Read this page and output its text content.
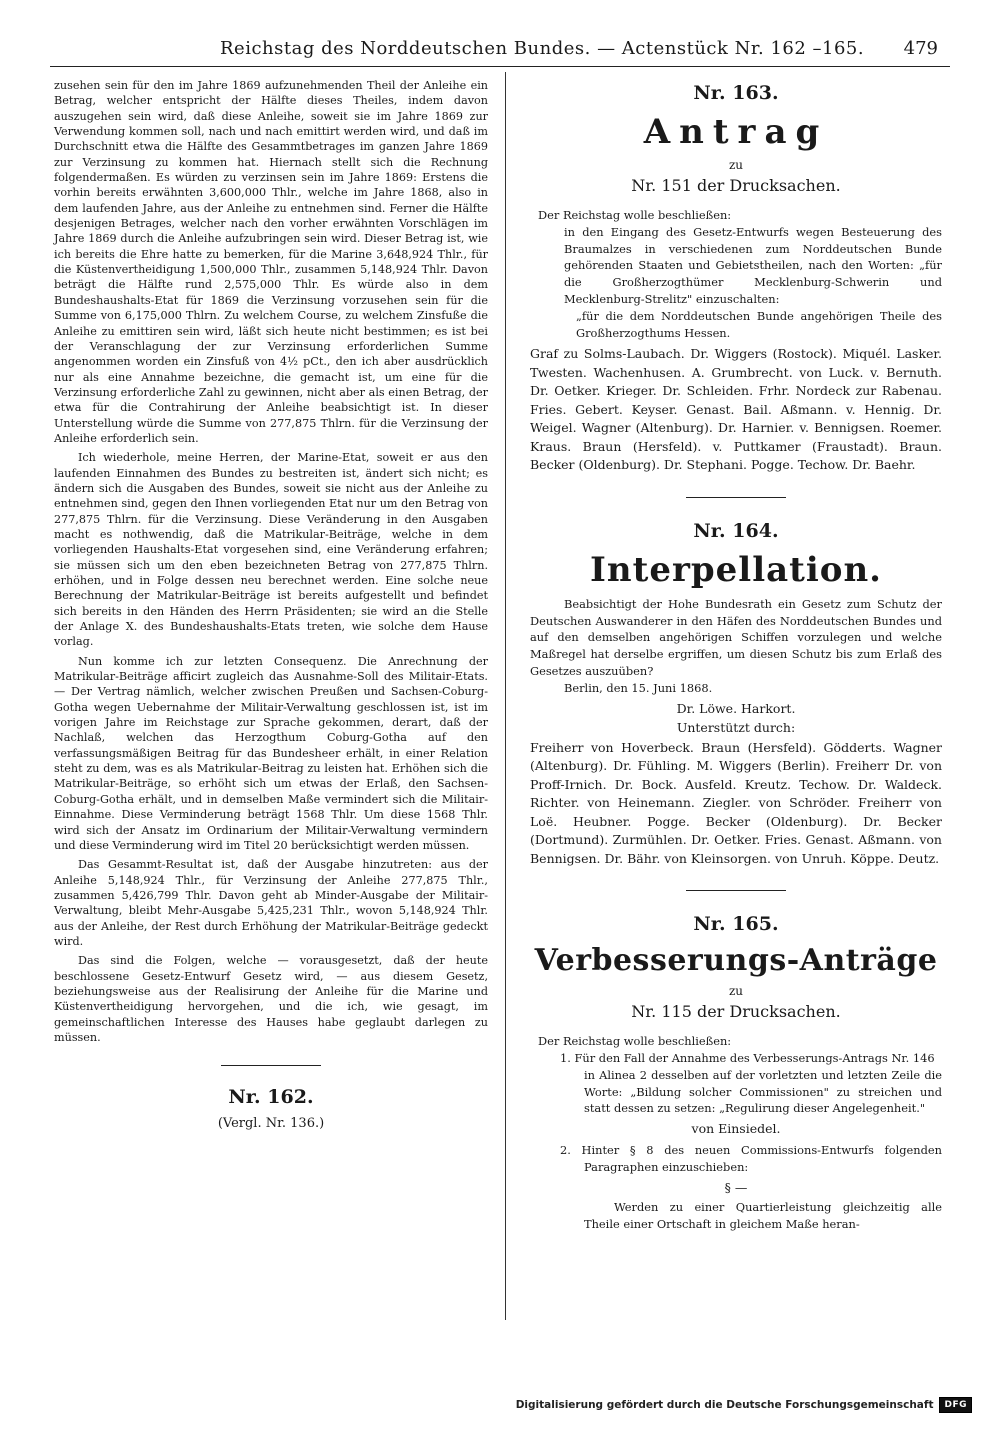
Reichstag des Norddeutschen Bundes. — Actenstück Nr. 162 –165. 479

zusehen sein für den im Jahre 1869 aufzunehmenden Theil der Anleihe ein Betrag, welcher entspricht der Hälfte dieses Theiles, indem davon auszugehen sein wird, daß diese Anleihe, soweit sie im Jahre 1869 zur Verwendung kommen soll, nach und nach emittirt werden wird, und daß im Durchschnitt etwa die Hälfte des Gesammtbetrages im ganzen Jahre 1869 zur Verzinsung zu kommen hat. Hiernach stellt sich die Rechnung folgendermaßen. Es würden zu verzinsen sein im Jahre 1869: Erstens die vorhin bereits erwähnten 3,600,000 Thlr., welche im Jahre 1868, also in dem laufenden Jahre, aus der Anleihe zu entnehmen sind. Ferner die Hälfte desjenigen Betrages, welcher nach den vorher erwähnten Vorschlägen im Jahre 1869 durch die Anleihe aufzubringen sein wird. Dieser Betrag ist, wie ich bereits die Ehre hatte zu bemerken, für die Marine 3,648,924 Thlr., für die Küstenvertheidigung 1,500,000 Thlr., zusammen 5,148,924 Thlr. Davon beträgt die Hälfte rund 2,575,000 Thlr. Es würde also in dem Bundeshaushalts-Etat für 1869 die Verzinsung vorzusehen sein für die Summe von 6,175,000 Thlrn. Zu welchem Course, zu welchem Zinsfuße die Anleihe zu emittiren sein wird, läßt sich heute nicht bestimmen; es ist bei der Veranschlagung der zur Verzinsung erforderlichen Summe angenommen worden ein Zinsfuß von 4½ pCt., den ich aber ausdrücklich nur als eine Annahme bezeichne, die gemacht ist, um eine für die Verzinsung erforderliche Zahl zu gewinnen, nicht aber als einen Betrag, der etwa für die Contrahirung der Anleihe beabsichtigt ist. In dieser Unterstellung würde die Summe von 277,875 Thlrn. für die Verzinsung der Anleihe erforderlich sein.

Ich wiederhole, meine Herren, der Marine-Etat, soweit er aus den laufenden Einnahmen des Bundes zu bestreiten ist, ändert sich nicht; es ändern sich die Ausgaben des Bundes, soweit sie nicht aus der Anleihe zu entnehmen sind, gegen den Ihnen vorliegenden Etat nur um den Betrag von 277,875 Thlrn. für die Verzinsung. Diese Veränderung in den Ausgaben macht es nothwendig, daß die Matrikular-Beiträge, welche in dem vorliegenden Haushalts-Etat vorgesehen sind, eine Veränderung erfahren; sie müssen sich um den eben bezeichneten Betrag von 277,875 Thlrn. erhöhen, und in Folge dessen neu berechnet werden. Eine solche neue Berechnung der Matrikular-Beiträge ist bereits aufgestellt und befindet sich bereits in den Händen des Herrn Präsidenten; sie wird an die Stelle der Anlage X. des Bundeshaushalts-Etats treten, wie solche dem Hause vorlag.

Nun komme ich zur letzten Consequenz. Die Anrechnung der Matrikular-Beiträge afficirt zugleich das Ausnahme-Soll des Militair-Etats. — Der Vertrag nämlich, welcher zwischen Preußen und Sachsen-Coburg-Gotha wegen Uebernahme der Militair-Verwaltung geschlossen ist, ist im vorigen Jahre im Reichstage zur Sprache gekommen, derart, daß der Nachlaß, welchen das Herzogthum Coburg-Gotha auf den verfassungsmäßigen Beitrag für das Bundesheer erhält, in einer Relation steht zu dem, was es als Matrikular-Beitrag zu leisten hat. Erhöhen sich die Matrikular-Beiträge, so erhöht sich um etwas der Erlaß, den Sachsen-Coburg-Gotha erhält, und in demselben Maße vermindert sich die Militair-Einnahme. Diese Verminderung beträgt 1568 Thlr. Um diese 1568 Thlr. wird sich der Ansatz im Ordinarium der Militair-Verwaltung vermindern und diese Verminderung wird im Titel 20 berücksichtigt werden müssen.

Das Gesammt-Resultat ist, daß der Ausgabe hinzutreten: aus der Anleihe 5,148,924 Thlr., für Verzinsung der Anleihe 277,875 Thlr., zusammen 5,426,799 Thlr. Davon geht ab Minder-Ausgabe der Militair-Verwaltung, bleibt Mehr-Ausgabe 5,425,231 Thlr., wovon 5,148,924 Thlr. aus der Anleihe, der Rest durch Erhöhung der Matrikular-Beiträge gedeckt wird.

Das sind die Folgen, welche — vorausgesetzt, daß der heute beschlossene Gesetz-Entwurf Gesetz wird, — aus diesem Gesetz, beziehungsweise aus der Realisirung der Anleihe für die Marine und Küstenvertheidigung hervorgehen, und die ich, wie gesagt, im gemeinschaftlichen Interesse des Hauses habe geglaubt darlegen zu müssen.

Nr. 162.
(Vergl. Nr. 136.)
Nr. 163.
Antrag
zu
Nr. 151 der Drucksachen.

Der Reichstag wolle beschließen:

in den Eingang des Gesetz-Entwurfs wegen Besteuerung des Braumalzes in verschiedenen zum Norddeutschen Bunde gehörenden Staaten und Gebietstheilen, nach den Worten: „für die Großherzogthümer Mecklenburg-Schwerin und Mecklenburg-Strelitz" einzuschalten:

„für die dem Norddeutschen Bunde angehörigen Theile des Großherzogthums Hessen.

Graf zu Solms-Laubach. Dr. Wiggers (Rostock). Miquél. Lasker. Twesten. Wachenhusen. A. Grumbrecht. von Luck. v. Bernuth. Dr. Oetker. Krieger. Dr. Schleiden. Frhr. Nordeck zur Rabenau. Fries. Gebert. Keyser. Genast. Bail. Aßmann. v. Hennig. Dr. Weigel. Wagner (Altenburg). Dr. Harnier. v. Bennigsen. Roemer. Kraus. Braun (Hersfeld). v. Puttkamer (Fraustadt). Braun. Becker (Oldenburg). Dr. Stephani. Pogge. Techow. Dr. Baehr.

Nr. 164.
Interpellation.

Beabsichtigt der Hohe Bundesrath ein Gesetz zum Schutz der Deutschen Auswanderer in den Häfen des Norddeutschen Bundes und auf den demselben angehörigen Schiffen vorzulegen und welche Maßregel hat derselbe ergriffen, um diesen Schutz bis zum Erlaß des Gesetzes auszuüben?

Berlin, den 15. Juni 1868.

Dr. Löwe. Harkort.

Unterstützt durch:

Freiherr von Hoverbeck. Braun (Hersfeld). Gödderts. Wagner (Altenburg). Dr. Fühling. M. Wiggers (Berlin). Freiherr Dr. von Proff-Irnich. Dr. Bock. Ausfeld. Kreutz. Techow. Dr. Waldeck. Richter. von Heinemann. Ziegler. von Schröder. Freiherr von Loë. Heubner. Pogge. Becker (Oldenburg). Dr. Becker (Dortmund). Zurmühlen. Dr. Oetker. Fries. Genast. Aßmann. von Bennigsen. Dr. Bähr. von Kleinsorgen. von Unruh. Köppe. Deutz.

Nr. 165.
Verbesserungs-Anträge
zu
Nr. 115 der Drucksachen.

Der Reichstag wolle beschließen:

1. Für den Fall der Annahme des Verbesserungs-Antrags Nr. 146

in Alinea 2 desselben auf der vorletzten und letzten Zeile die Worte: „Bildung solcher Commissionen" zu streichen und statt dessen zu setzen: „Regulirung dieser Angelegenheit."

von Einsiedel.

2. Hinter § 8 des neuen Commissions-Entwurfs folgenden Paragraphen einzuschieben:

§ —

Werden zu einer Quartierleistung gleichzeitig alle Theile einer Ortschaft in gleichem Maße heran-

Digitalisierung gefördert durch die Deutsche Forschungsgemeinschaft	DFG
